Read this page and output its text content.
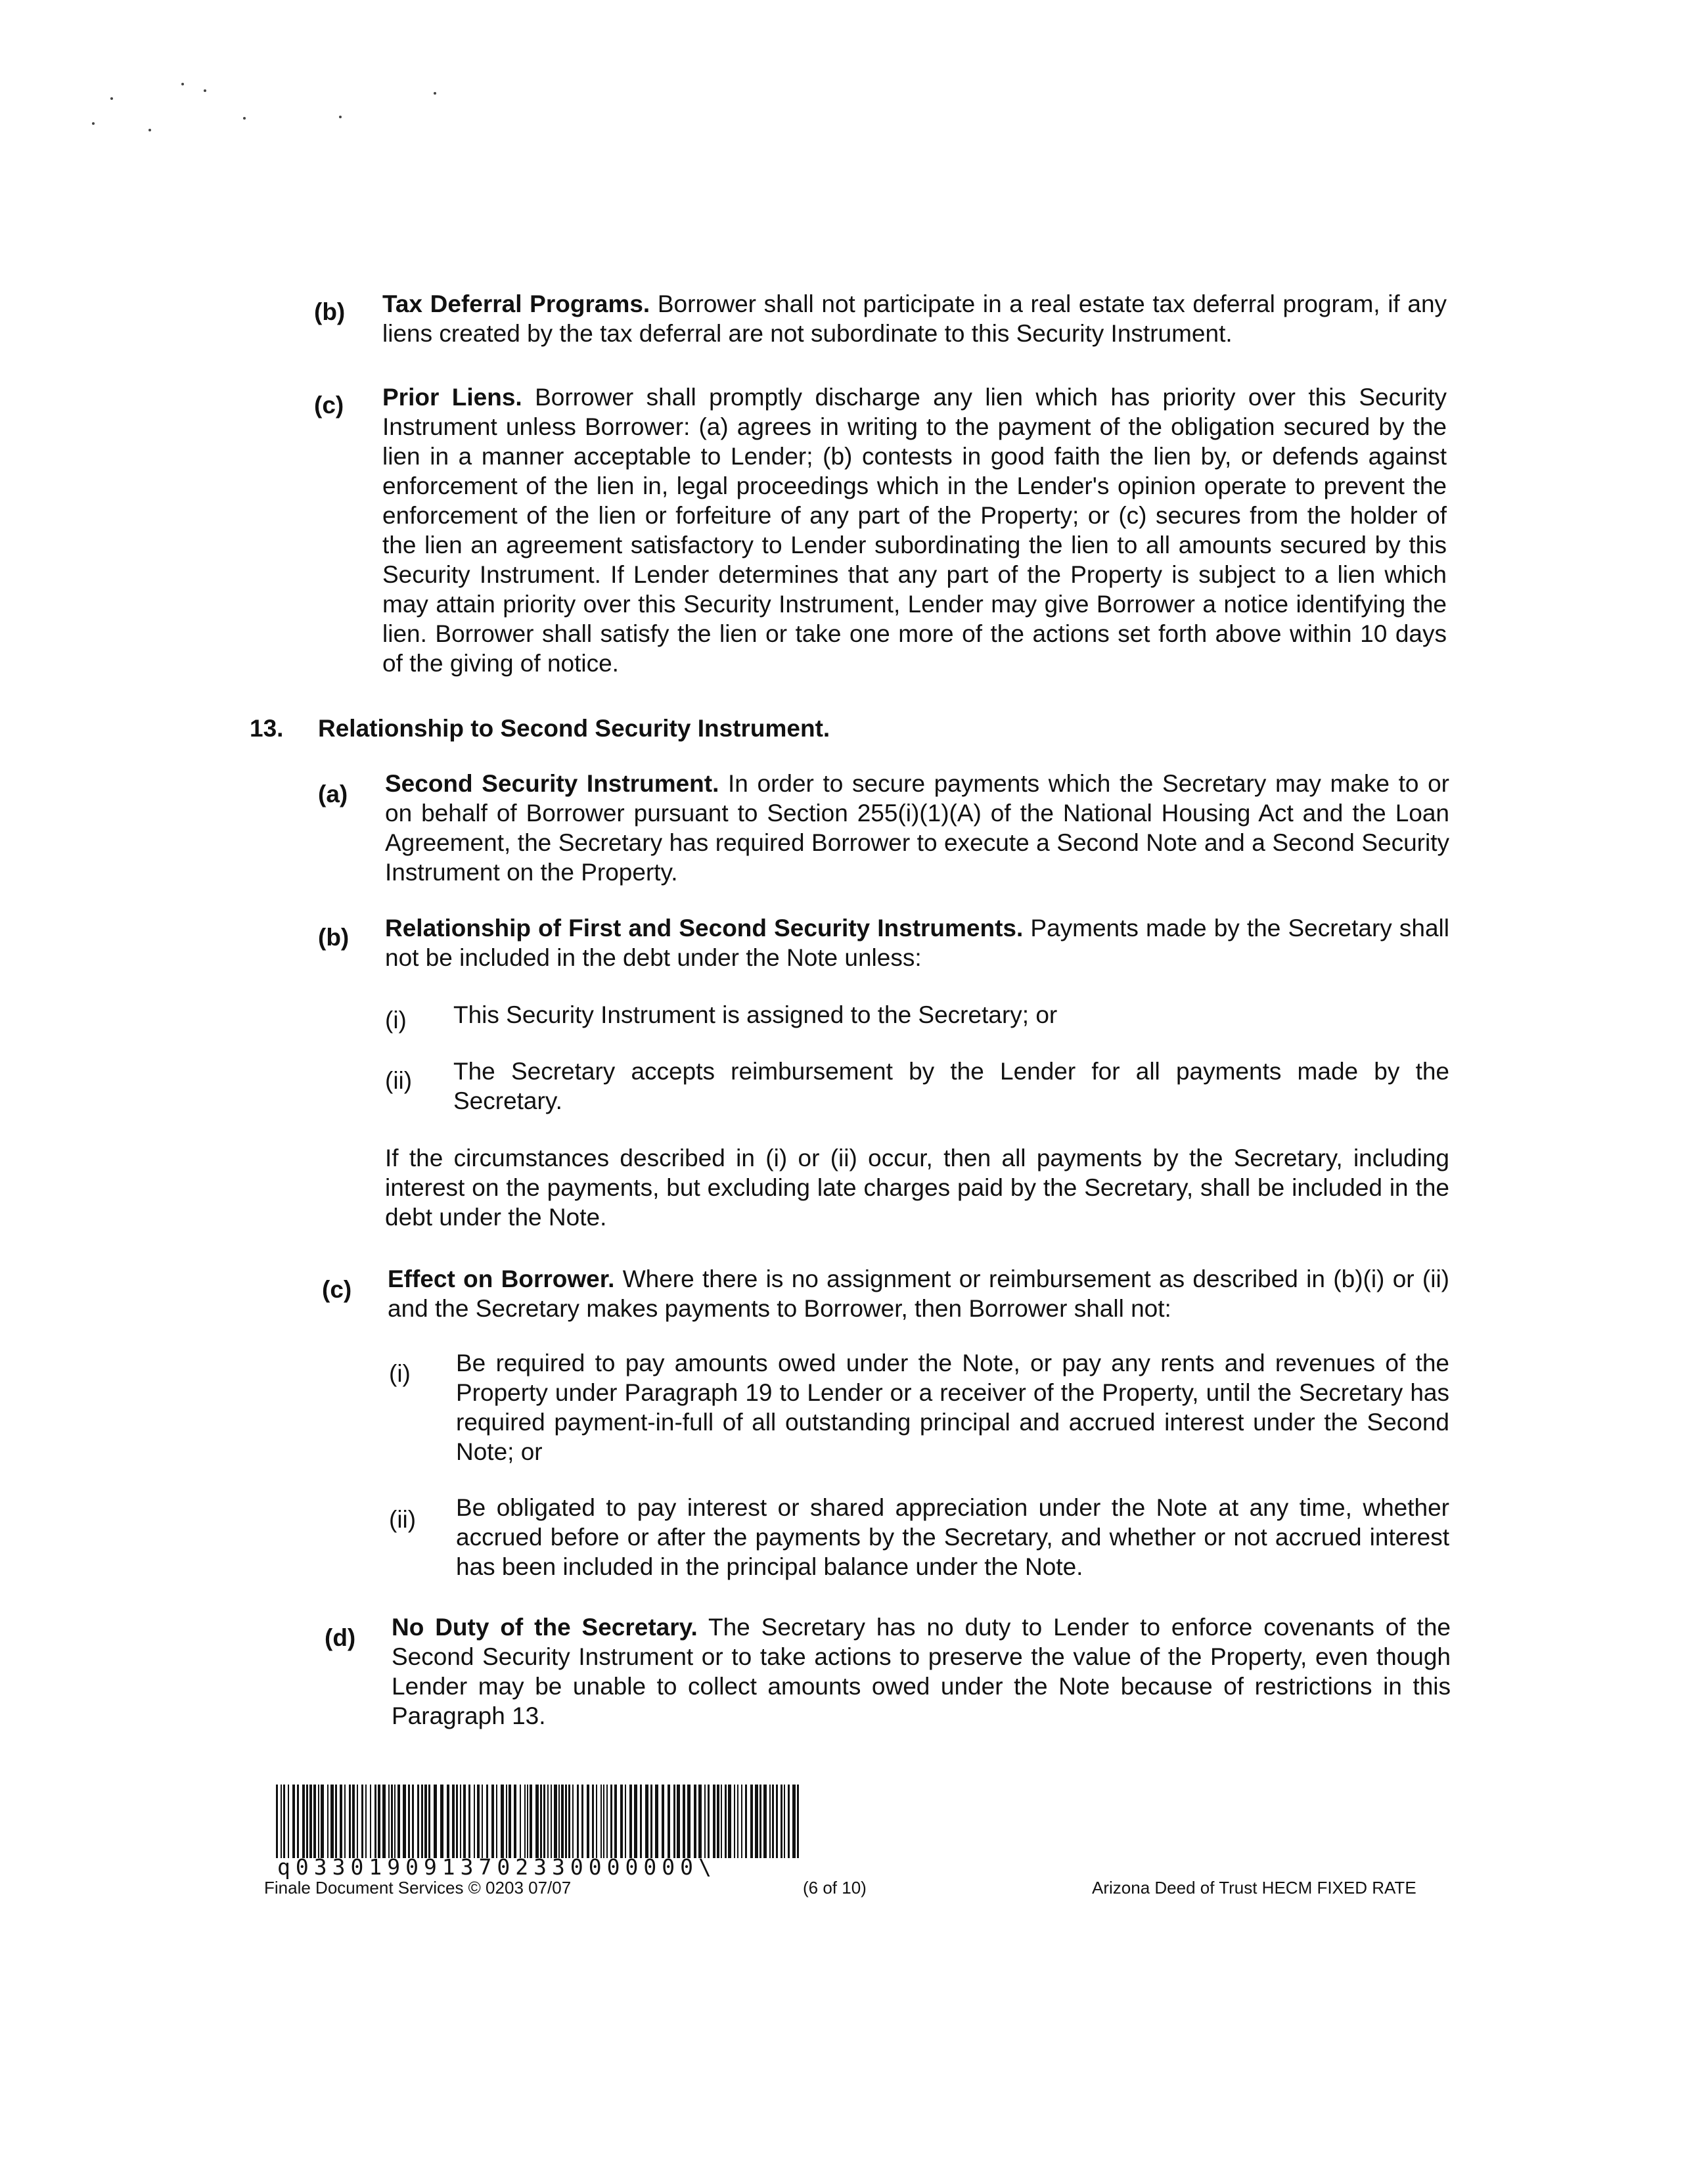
(b) Tax Deferral Programs. Borrower shall not participate in a real estate tax deferral program, if any liens created by the tax deferral are not subordinate to this Security Instrument.
(c) Prior Liens. Borrower shall promptly discharge any lien which has priority over this Security Instrument unless Borrower: (a) agrees in writing to the payment of the obligation secured by the lien in a manner acceptable to Lender; (b) contests in good faith the lien by, or defends against enforcement of the lien in, legal proceedings which in the Lender's opinion operate to prevent the enforcement of the lien or forfeiture of any part of the Property; or (c) secures from the holder of the lien an agreement satisfactory to Lender subordinating the lien to all amounts secured by this Security Instrument. If Lender determines that any part of the Property is subject to a lien which may attain priority over this Security Instrument, Lender may give Borrower a notice identifying the lien. Borrower shall satisfy the lien or take one more of the actions set forth above within 10 days of the giving of notice.
13. Relationship to Second Security Instrument.
(a) Second Security Instrument. In order to secure payments which the Secretary may make to or on behalf of Borrower pursuant to Section 255(i)(1)(A) of the National Housing Act and the Loan Agreement, the Secretary has required Borrower to execute a Second Note and a Second Security Instrument on the Property.
(b) Relationship of First and Second Security Instruments. Payments made by the Secretary shall not be included in the debt under the Note unless:
(i) This Security Instrument is assigned to the Secretary; or
(ii) The Secretary accepts reimbursement by the Lender for all payments made by the Secretary.
If the circumstances described in (i) or (ii) occur, then all payments by the Secretary, including interest on the payments, but excluding late charges paid by the Secretary, shall be included in the debt under the Note.
(c) Effect on Borrower. Where there is no assignment or reimbursement as described in (b)(i) or (ii) and the Secretary makes payments to Borrower, then Borrower shall not:
(i) Be required to pay amounts owed under the Note, or pay any rents and revenues of the Property under Paragraph 19 to Lender or a receiver of the Property, until the Secretary has required payment-in-full of all outstanding principal and accrued interest under the Second Note; or
(ii) Be obligated to pay interest or shared appreciation under the Note at any time, whether accrued before or after the payments by the Secretary, and whether or not accrued interest has been included in the principal balance under the Note.
(d) No Duty of the Secretary. The Secretary has no duty to Lender to enforce covenants of the Second Security Instrument or to take actions to preserve the value of the Property, even though Lender may be unable to collect amounts owed under the Note because of restrictions in this Paragraph 13.
q0330190913702330000000\
Finale Document Services © 0203 07/07	(6 of 10)	Arizona Deed of Trust HECM FIXED RATE
